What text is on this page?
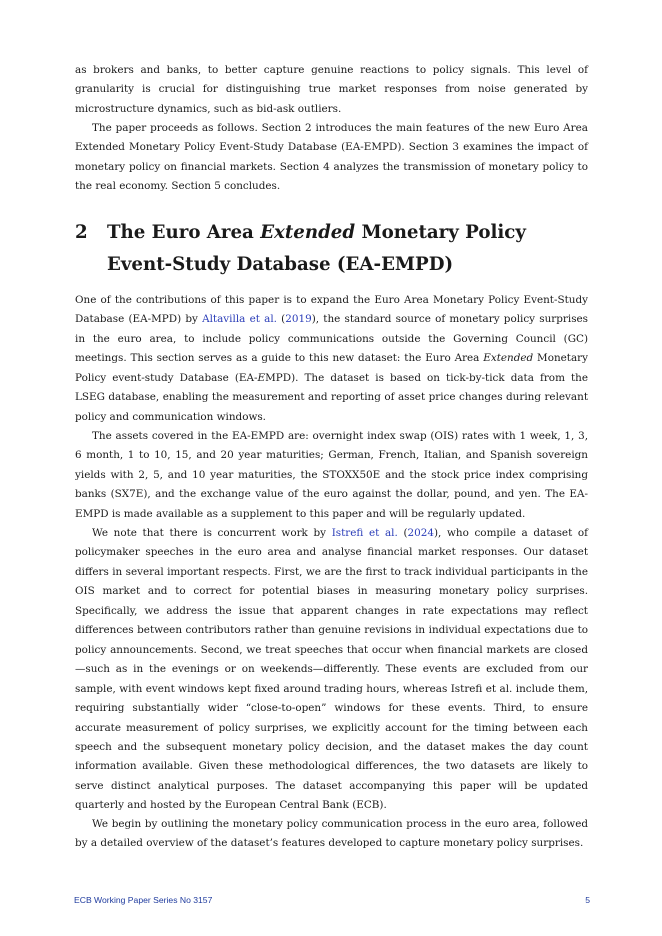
as brokers and banks, to better capture genuine reactions to policy signals. This level of granularity is crucial for distinguishing true market responses from noise generated by microstructure dynamics, such as bid-ask outliers.

The paper proceeds as follows. Section 2 introduces the main features of the new Euro Area Extended Monetary Policy Event-Study Database (EA-EMPD). Section 3 examines the impact of monetary policy on financial markets. Section 4 analyzes the transmission of monetary policy to the real economy. Section 5 concludes.

2	The Euro Area Extended Monetary Policy Event-Study Database (EA-EMPD)

One of the contributions of this paper is to expand the Euro Area Monetary Policy Event-Study Database (EA-MPD) by Altavilla et al. (2019), the standard source of monetary policy surprises in the euro area, to include policy communications outside the Governing Council (GC) meetings. This section serves as a guide to this new dataset: the Euro Area Extended Monetary Policy event-study Database (EA-EMPD). The dataset is based on tick-by-tick data from the LSEG database, enabling the measurement and reporting of asset price changes during relevant policy and communication windows.

The assets covered in the EA-EMPD are: overnight index swap (OIS) rates with 1 week, 1, 3, 6 month, 1 to 10, 15, and 20 year maturities; German, French, Italian, and Spanish sovereign yields with 2, 5, and 10 year maturities, the STOXX50E and the stock price index comprising banks (SX7E), and the exchange value of the euro against the dollar, pound, and yen. The EA-EMPD is made available as a supplement to this paper and will be regularly updated.

We note that there is concurrent work by Istrefi et al. (2024), who compile a dataset of policymaker speeches in the euro area and analyse financial market responses. Our dataset differs in several important respects. First, we are the first to track individual participants in the OIS market and to correct for potential biases in measuring monetary policy surprises. Specifically, we address the issue that apparent changes in rate expectations may reflect differences between contributors rather than genuine revisions in individual expectations due to policy announcements. Second, we treat speeches that occur when financial markets are closed—such as in the evenings or on weekends—differently. These events are excluded from our sample, with event windows kept fixed around trading hours, whereas Istrefi et al. include them, requiring substantially wider “close-to-open” windows for these events. Third, to ensure accurate measurement of policy surprises, we explicitly account for the timing between each speech and the subsequent monetary policy decision, and the dataset makes the day count information available. Given these methodological differences, the two datasets are likely to serve distinct analytical purposes. The dataset accompanying this paper will be updated quarterly and hosted by the European Central Bank (ECB).

We begin by outlining the monetary policy communication process in the euro area, followed by a detailed overview of the dataset’s features developed to capture monetary policy surprises.

ECB Working Paper Series No 3157	5
